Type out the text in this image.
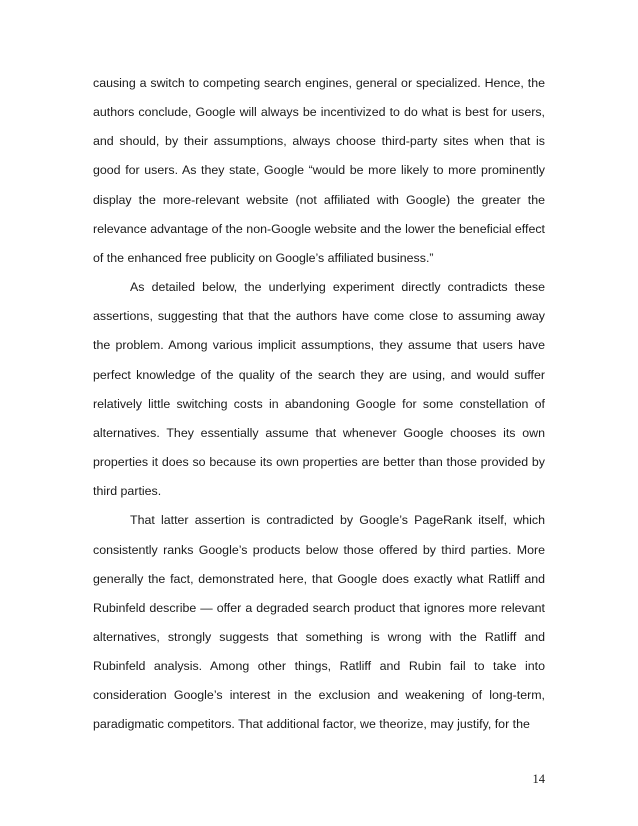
causing a switch to competing search engines, general or specialized. Hence, the authors conclude, Google will always be incentivized to do what is best for users, and should, by their assumptions, always choose third-party sites when that is good for users. As they state, Google “would be more likely to more prominently display the more-relevant website (not affiliated with Google) the greater the relevance advantage of the non-Google website and the lower the beneficial effect of the enhanced free publicity on Google’s affiliated business.”

As detailed below, the underlying experiment directly contradicts these assertions, suggesting that that the authors have come close to assuming away the problem. Among various implicit assumptions, they assume that users have perfect knowledge of the quality of the search they are using, and would suffer relatively little switching costs in abandoning Google for some constellation of alternatives. They essentially assume that whenever Google chooses its own properties it does so because its own properties are better than those provided by third parties.

That latter assertion is contradicted by Google’s PageRank itself, which consistently ranks Google’s products below those offered by third parties. More generally the fact, demonstrated here, that Google does exactly what Ratliff and Rubinfeld describe — offer a degraded search product that ignores more relevant alternatives, strongly suggests that something is wrong with the Ratliff and Rubinfeld analysis. Among other things, Ratliff and Rubin fail to take into consideration Google’s interest in the exclusion and weakening of long-term, paradigmatic competitors. That additional factor, we theorize, may justify, for the

14
